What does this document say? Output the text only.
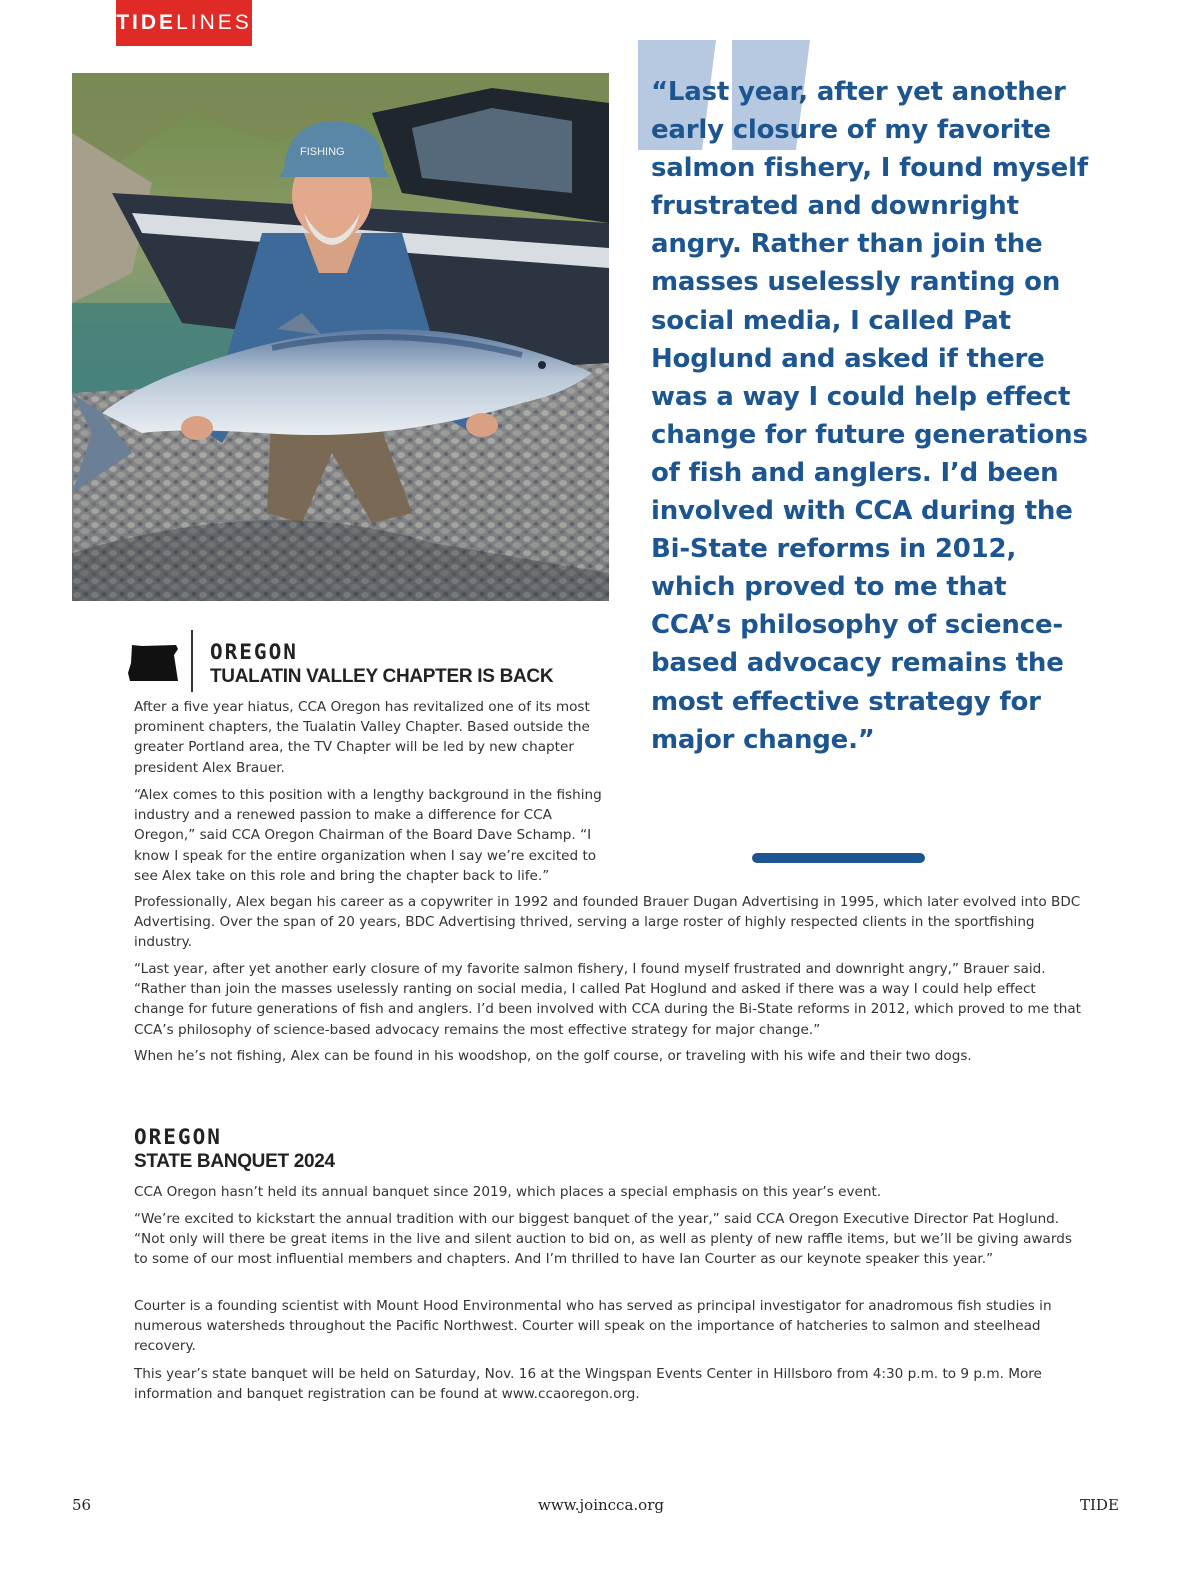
TIDE LINES
FISHING

“Last year, after yet another early closure of my favorite salmon fishery, I found myself frustrated and downright angry. Rather than join the masses uselessly ranting on social media, I called Pat Hoglund and asked if there was a way I could help effect change for future generations of fish and anglers. I’d been involved with CCA during the Bi-State reforms in 2012, which proved to me that CCA’s philosophy of science-based advocacy remains the most effective strategy for major change.”

OREGON
TUALATIN VALLEY CHAPTER IS BACK

After a five year hiatus, CCA Oregon has revitalized one of its most prominent chapters, the Tualatin Valley Chapter. Based outside the greater Portland area, the TV Chapter will be led by new chapter president Alex Brauer.

“Alex comes to this position with a lengthy background in the fishing industry and a renewed passion to make a difference for CCA Oregon,” said CCA Oregon Chairman of the Board Dave Schamp. “I know I speak for the entire organization when I say we’re excited to see Alex take on this role and bring the chapter back to life.”

Professionally, Alex began his career as a copywriter in 1992 and founded Brauer Dugan Advertising in 1995, which later evolved into BDC Advertising. Over the span of 20 years, BDC Advertising thrived, serving a large roster of highly respected clients in the sportfishing industry.

“Last year, after yet another early closure of my favorite salmon fishery, I found myself frustrated and downright angry,” Brauer said. “Rather than join the masses uselessly ranting on social media, I called Pat Hoglund and asked if there was a way I could help effect change for future generations of fish and anglers. I’d been involved with CCA during the Bi-State reforms in 2012, which proved to me that CCA’s philosophy of science-based advocacy remains the most effective strategy for major change.”

When he’s not fishing, Alex can be found in his woodshop, on the golf course, or traveling with his wife and their two dogs.

OREGON
STATE BANQUET 2024

CCA Oregon hasn’t held its annual banquet since 2019, which places a special emphasis on this year’s event.

“We’re excited to kickstart the annual tradition with our biggest banquet of the year,” said CCA Oregon Executive Director Pat Hoglund. “Not only will there be great items in the live and silent auction to bid on, as well as plenty of new raffle items, but we’ll be giving awards to some of our most influential members and chapters. And I’m thrilled to have Ian Courter as our keynote speaker this year.”

Courter is a founding scientist with Mount Hood Environmental who has served as principal investigator for anadromous fish studies in numerous watersheds throughout the Pacific Northwest. Courter will speak on the importance of hatcheries to salmon and steelhead recovery.

This year’s state banquet will be held on Saturday, Nov. 16 at the Wingspan Events Center in Hillsboro from 4:30 p.m. to 9 p.m. More information and banquet registration can be found at www.ccaoregon.org.

56	www.joincca.org	TIDE
